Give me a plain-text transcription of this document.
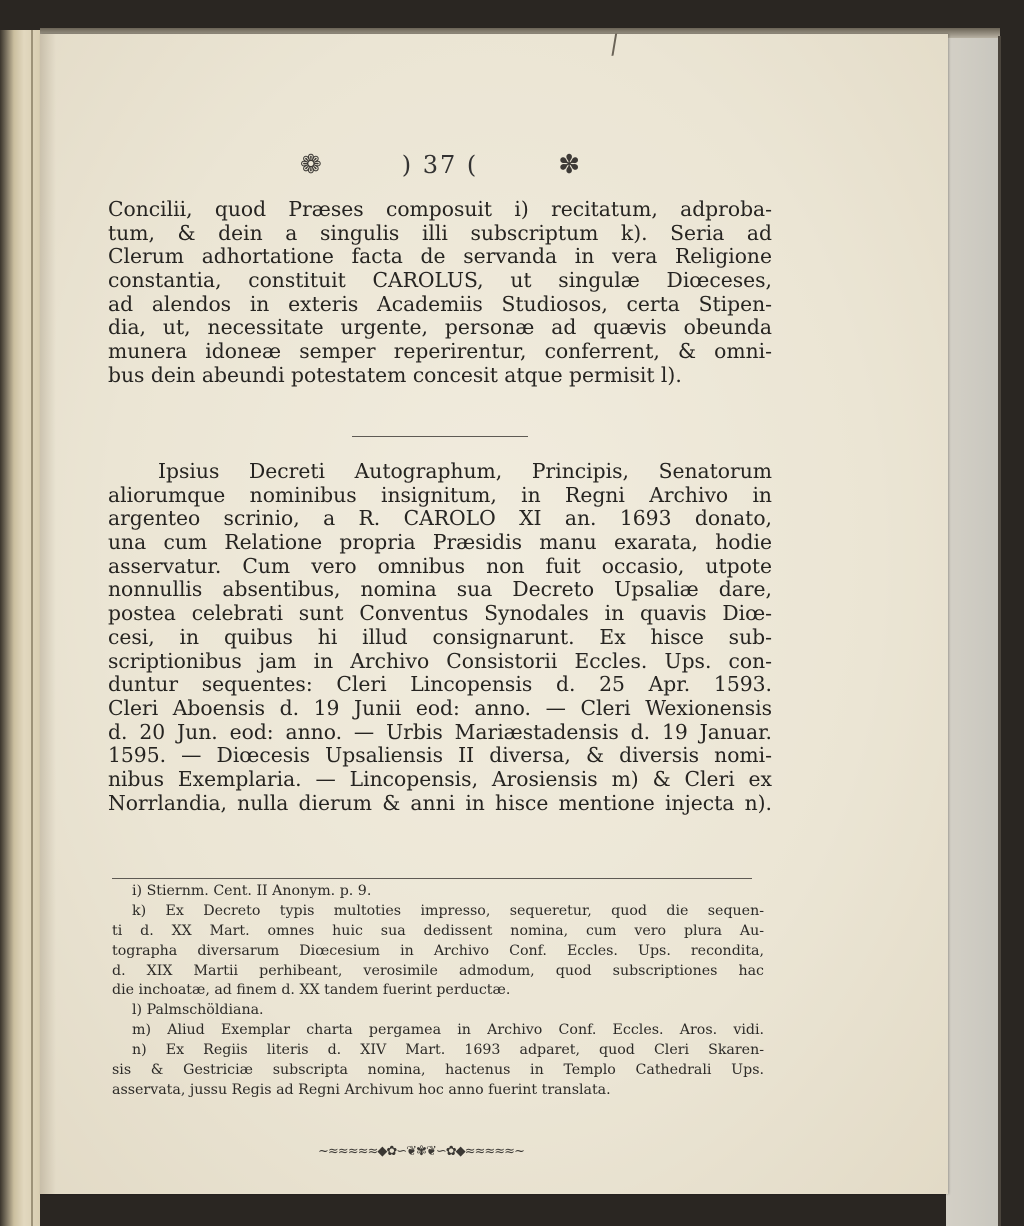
/
❁	) 37 (	✽
Concilii, quod Præses composuit i) recitatum, adproba-
tum, & dein a singulis illi subscriptum k). Seria ad
Clerum adhortatione facta de servanda in vera Religione
constantia, constituit CAROLUS, ut singulæ Diœceses,
ad alendos in exteris Academiis Studiosos, certa Stipen-
dia, ut, necessitate urgente, personæ ad quævis obeunda
munera idoneæ semper reperirentur, conferrent, & omni-
bus dein abeundi potestatem concesit atque permisit l).
Ipsius Decreti Autographum, Principis, Senatorum
aliorumque nominibus insignitum, in Regni Archivo in
argenteo scrinio, a R. CAROLO XI an. 1693 donato,
una cum Relatione propria Præsidis manu exarata, hodie
asservatur. Cum vero omnibus non fuit occasio, utpote
nonnullis absentibus, nomina sua Decreto Upsaliæ dare,
postea celebrati sunt Conventus Synodales in quavis Diœ-
cesi, in quibus hi illud consignarunt. Ex hisce sub-
scriptionibus jam in Archivo Consistorii Eccles. Ups. con-
duntur sequentes: Cleri Lincopensis d. 25 Apr. 1593.
Cleri Aboensis d. 19 Junii eod: anno. — Cleri Wexionensis
d. 20 Jun. eod: anno. — Urbis Mariæstadensis d. 19 Januar.
1595. — Diœcesis Upsaliensis II diversa, & diversis nomi-
nibus Exemplaria. — Lincopensis, Arosiensis m) & Cleri ex
Norrlandia, nulla dierum & anni in hisce mentione injecta n).
i) Stiernm. Cent. II Anonym. p. 9.
k) Ex Decreto typis multoties impresso, sequeretur, quod die sequen-
ti d. XX Mart. omnes huic sua dedissent nomina, cum vero plura Au-
tographa diversarum Diœcesium in Archivo Conf. Eccles. Ups. recondita,
d. XIX Martii perhibeant, verosimile admodum, quod subscriptiones hac
die inchoatæ, ad finem d. XX tandem fuerint perductæ.
l) Palmschöldiana.
m) Aliud Exemplar charta pergamea in Archivo Conf. Eccles. Aros. vidi.
n) Ex Regiis literis d. XIV Mart. 1693 adparet, quod Cleri Skaren-
sis & Gestriciæ subscripta nomina, hactenus in Templo Cathedrali Ups.
asservata, jussu Regis ad Regni Archivum hoc anno fuerint translata.
~≈≈≈≈≈◆✿∽❦✾❦∽✿◆≈≈≈≈≈~
